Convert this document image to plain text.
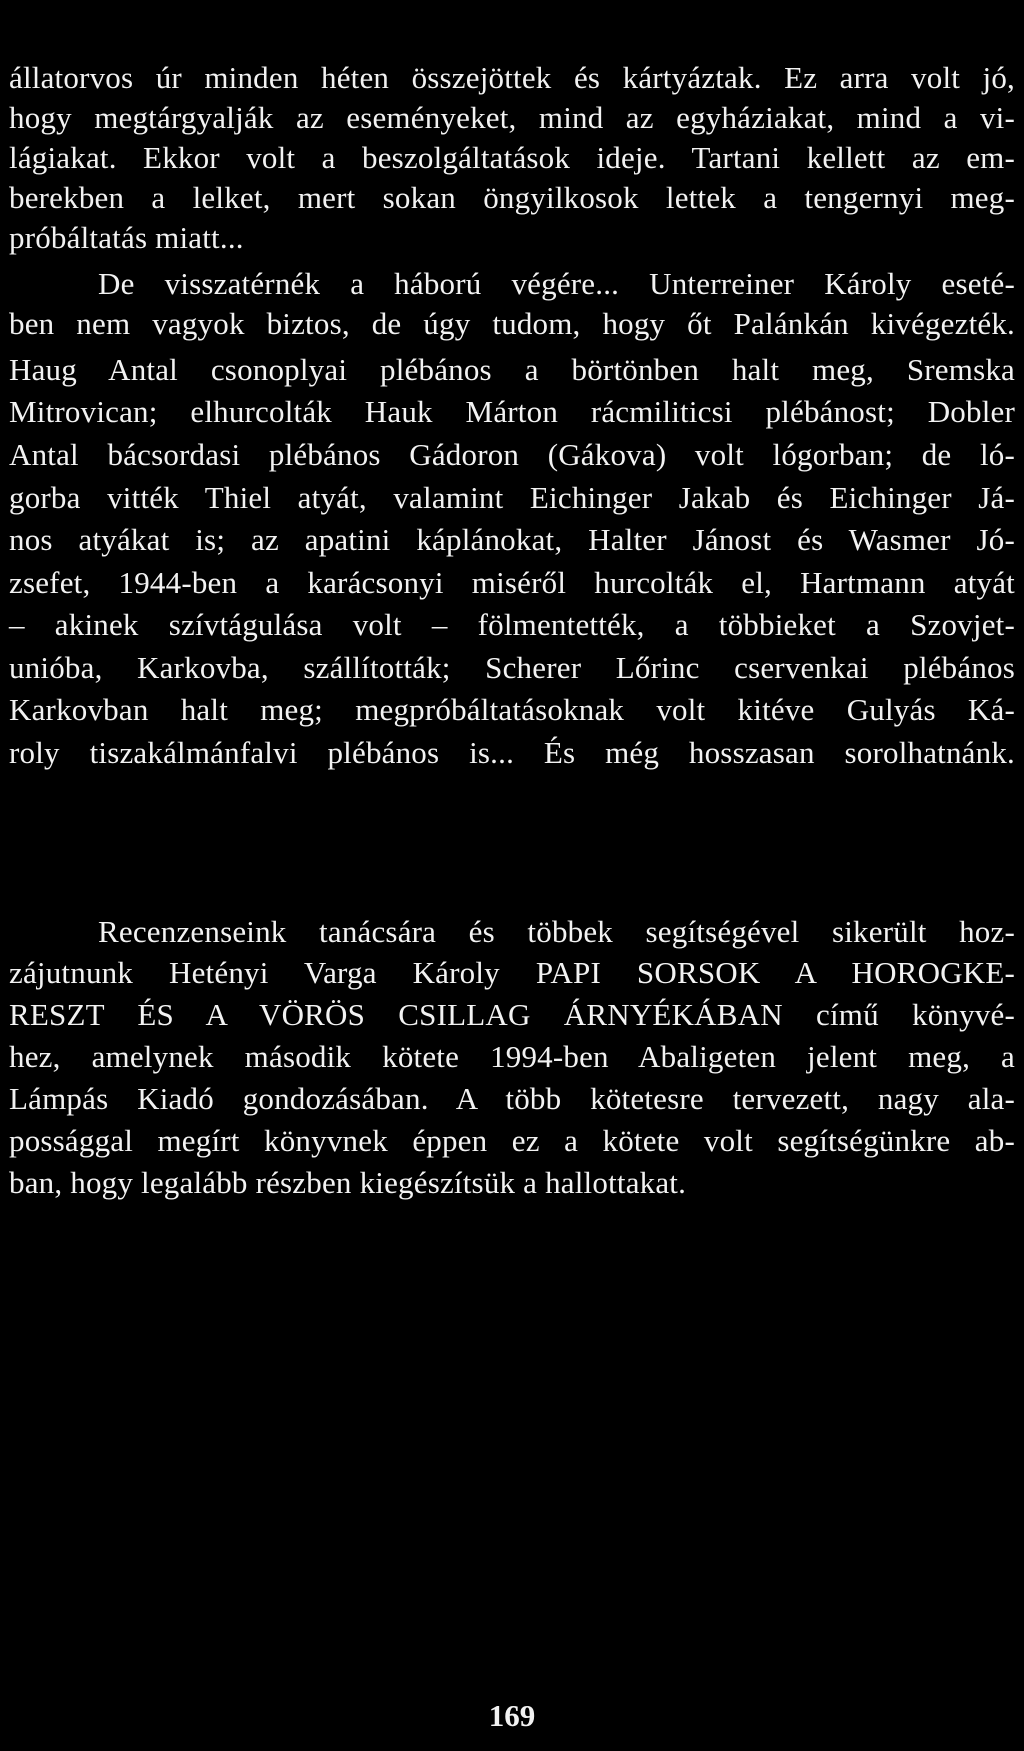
állatorvos úr minden héten összejöttek és kártyáztak. Ez arra volt jó,
hogy megtárgyalják az eseményeket, mind az egyháziakat, mind a vi-
lágiakat. Ekkor volt a beszolgáltatások ideje. Tartani kellett az em-
berekben a lelket, mert sokan öngyilkosok lettek a tengernyi meg-
próbáltatás miatt...
De visszatérnék a háború végére... Unterreiner Károly eseté-
ben nem vagyok biztos, de úgy tudom, hogy őt Palánkán kivégezték.
Haug Antal csonoplyai plébános a börtönben halt meg, Sremska
Mitrovican; elhurcolták Hauk Márton rácmiliticsi plébánost; Dobler
Antal bácsordasi plébános Gádoron (Gákova) volt lógorban; de ló-
gorba vitték Thiel atyát, valamint Eichinger Jakab és Eichinger Já-
nos atyákat is; az apatini káplánokat, Halter Jánost és Wasmer Jó-
zsefet, 1944-ben a karácsonyi miséről hurcolták el, Hartmann atyát
– akinek szívtágulása volt – fölmentették, a többieket a Szovjet-
unióba, Karkovba, szállították; Scherer Lőrinc cservenkai plébános
Karkovban halt meg; megpróbáltatásoknak volt kitéve Gulyás Ká-
roly tiszakálmánfalvi plébános is... És még hosszasan sorolhatnánk.
Recenzenseink tanácsára és többek segítségével sikerült hoz-
zájutnunk Hetényi Varga Károly PAPI SORSOK A HOROGKE-
RESZT ÉS A VÖRÖS CSILLAG ÁRNYÉKÁBAN című könyvé-
hez, amelynek második kötete 1994-ben Abaligeten jelent meg, a
Lámpás Kiadó gondozásában. A több kötetesre tervezett, nagy ala-
possággal megírt könyvnek éppen ez a kötete volt segítségünkre ab-
ban, hogy legalább részben kiegészítsük a hallottakat.
169
